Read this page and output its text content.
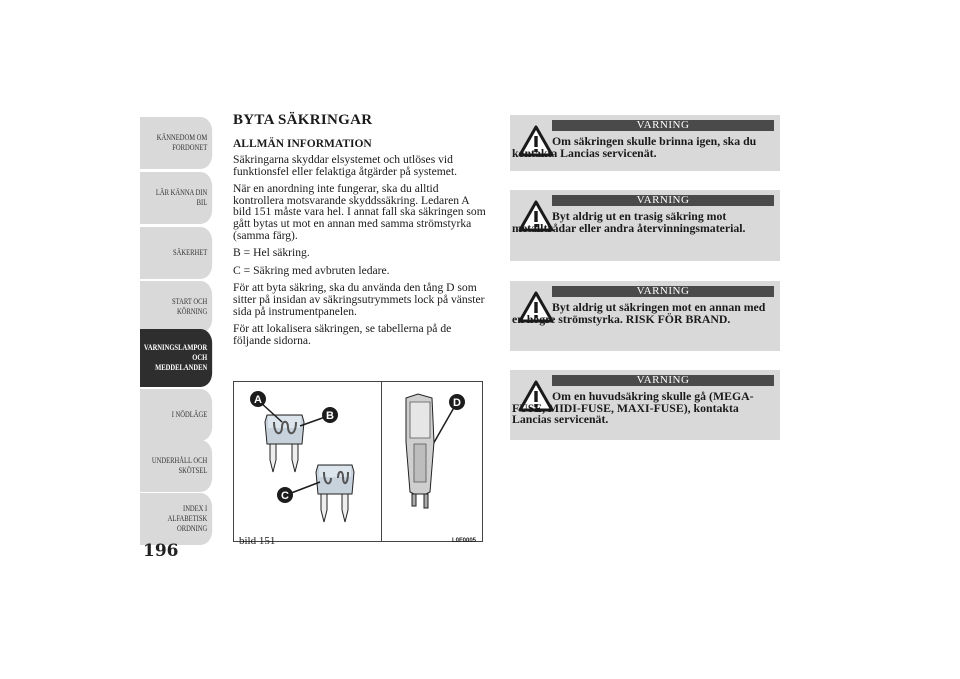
KÄNNEDOM OM
FORDONET
LÄR KÄNNA DIN
BIL
SÄKERHET
START OCH
KÖRNING
VARNINGSLAMPOR
OCH
MEDDELANDEN
I NÖDLÄGE
UNDERHÅLL OCH
SKÖTSEL
INDEX I
ALFABETISK
ORDNING
196
BYTA SÄKRINGAR
ALLMÄN INFORMATION

Säkringarna skyddar elsystemet och utlöses vid funktionsfel eller felaktiga åtgärder på systemet.

När en anordning inte fungerar, ska du alltid kontrollera motsvarande skyddssäkring. Ledaren A bild 151 måste vara hel. I annat fall ska säkringen som gått bytas ut mot en annan med samma strömstyrka (samma färg).

B = Hel säkring.

C = Säkring med avbruten ledare.

För att byta säkring, ska du använda den tång D som sitter på insidan av säkringsutrymmets lock på vänster sida på instrumentpanelen.

För att lokalisera säkringen, se tabellerna på de följande sidorna.

A
B
C
D
bild 151	L0F0005
VARNING
Om säkringen skulle brinna igen, ska du kontakta Lancias servicenät.
VARNING
Byt aldrig ut en trasig säkring mot metalltrådar eller andra återvinningsmaterial.
VARNING
Byt aldrig ut säkringen mot en annan med en högre strömstyrka. RISK FÖR BRAND.
VARNING
Om en huvudsäkring skulle gå (MEGA-FUSE, MIDI-FUSE, MAXI-FUSE), kontakta Lancias servicenät.
